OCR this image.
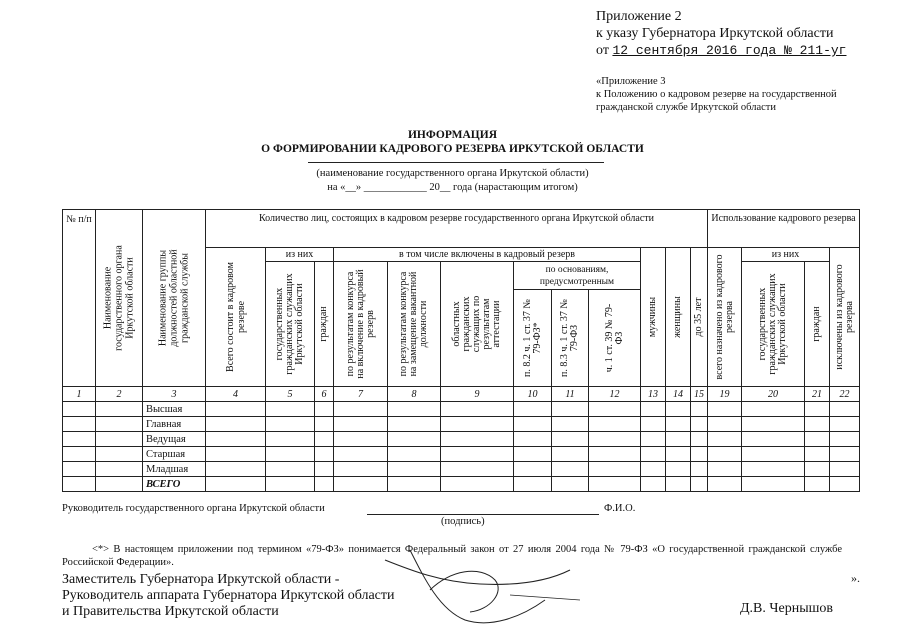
Приложение 2
к указу Губернатора Иркутской области
от 12 сентября 2016 года № 211-уг
«Приложение 3
к Положению о кадровом резерве на государственной
гражданской службе Иркутской области
ИНФОРМАЦИЯ
О ФОРМИРОВАНИИ КАДРОВОГО РЕЗЕРВА ИРКУТСКОЙ ОБЛАСТИ
(наименование государственного органа Иркутской области)
на «__» ____________ 20__ года (нарастающим итогом)
№ п/п	Наименование государственного органа Иркутской области	Наименование группы должностей областной гражданской службы	Количество лиц, состоящих в кадровом резерве государственного органа Иркутской области												Использование кадрового резерва			

			Всего состоит в кадровом резерве	из них		в том числе включены в кадровый резерв						мужчины	женщины	до 35 лет	всего назначено из кадрового резерва	из них		исключены из кадрового резерва

				государственных гражданских служащих Иркутской области	граждан	по результатам конкурса на включение в кадровый резерв	по результатам конкурса на замещение вакантной должности	областных гражданских служащих по результатам аттестации	по основаниям, предусмотренным							государственных гражданских служащих Иркутской области	граждан	

									п. 8.2 ч. 1 ст. 37 № 79-ФЗ*	п. 8.3 ч. 1 ст. 37 № 79-ФЗ	ч. 1 ст. 39 № 79-ФЗ							

1	2	3	4	5	6	7	8	9	10	11	12	13	14	15	19	20	21	22
		Высшая																
		Главная																
		Ведущая																
		Старшая																
		Младшая																
		ВСЕГО																
Руководитель государственного органа Иркутской области	Ф.И.О.
(подпись)
<*> В настоящем приложении под термином «79-ФЗ» понимается Федеральный закон от 27 июля 2004 года № 79-ФЗ «О государственной гражданской службе Российской Федерации».
Заместитель Губернатора Иркутской области -
Руководитель аппарата Губернатора Иркутской области
и Правительства Иркутской области	Д.В. Чернышов
».
